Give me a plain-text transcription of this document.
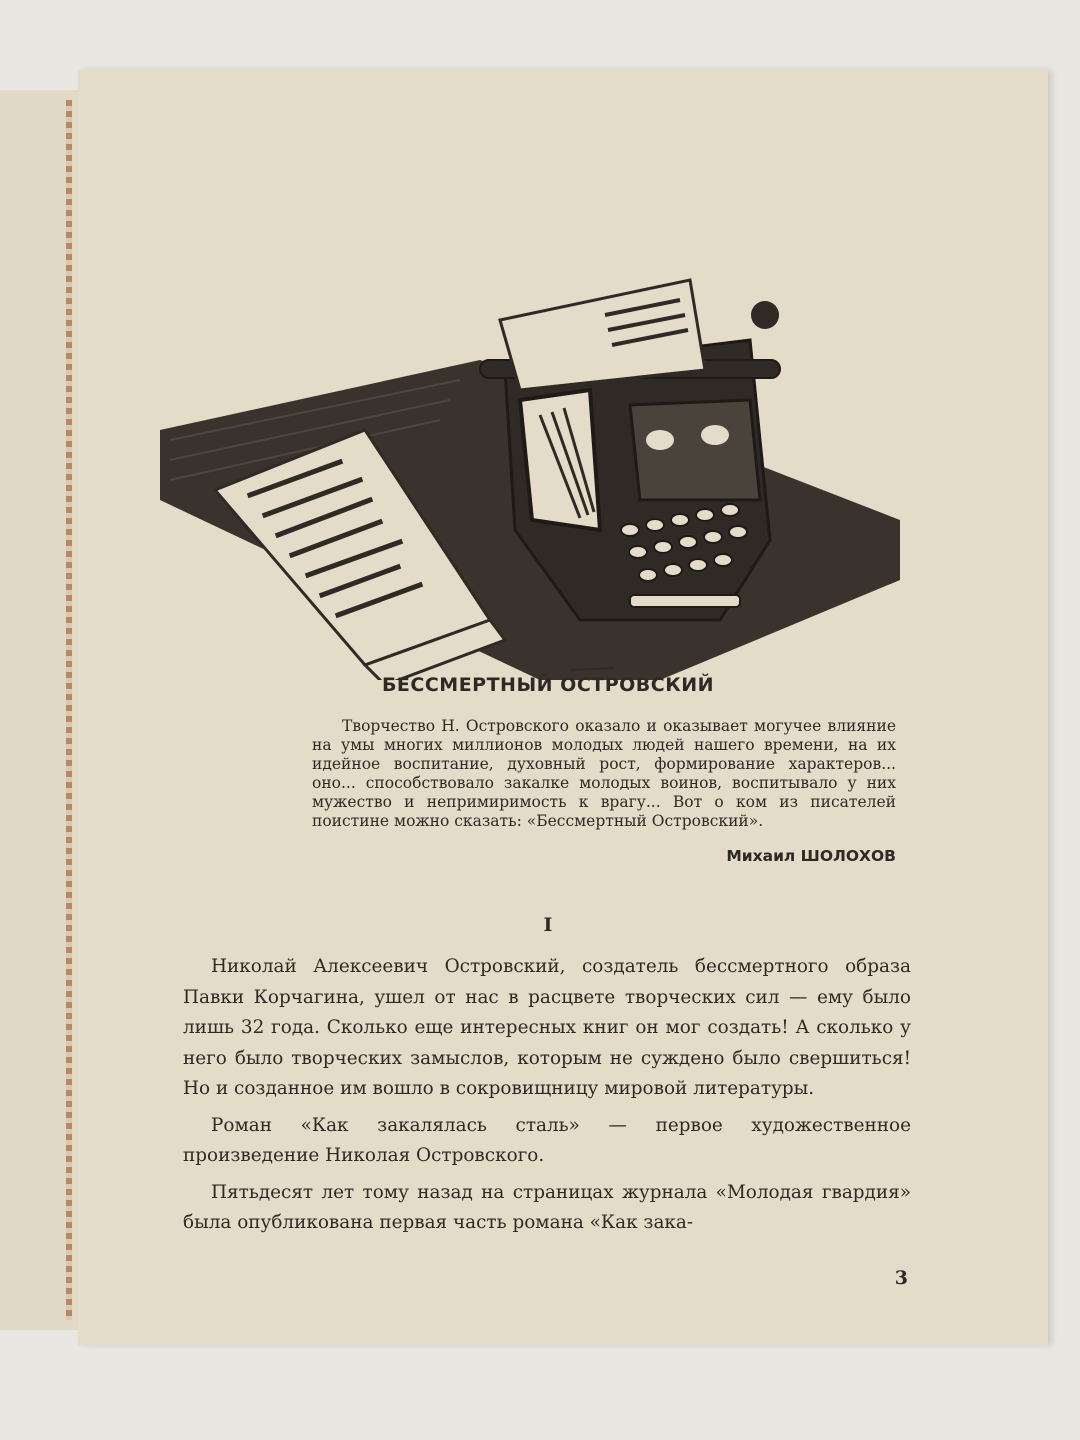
БЕССМЕРТНЫЙ ОСТРОВСКИЙ
Творчество Н. Островского оказало и оказывает могучее влияние на умы многих миллионов молодых людей нашего времени, на их идейное воспитание, духовный рост, формирование характеров... оно... способствовало закалке молодых воинов, воспитывало у них мужество и непримиримость к врагу... Вот о ком из писателей поистине можно сказать: «Бессмертный Островский».
Михаил ШОЛОХОВ
I

Николай Алексеевич Островский, создатель бессмертного образа Павки Корчагина, ушел от нас в расцвете творческих сил — ему было лишь 32 года. Сколько еще интересных книг он мог создать! А сколько у него было творческих замыслов, которым не суждено было свершиться! Но и созданное им вошло в сокровищницу мировой литературы.

Роман «Как закалялась сталь» — первое художественное произведение Николая Островского.

Пятьдесят лет тому назад на страницах журнала «Молодая гвардия» была опубликована первая часть романа «Как зака-

3
